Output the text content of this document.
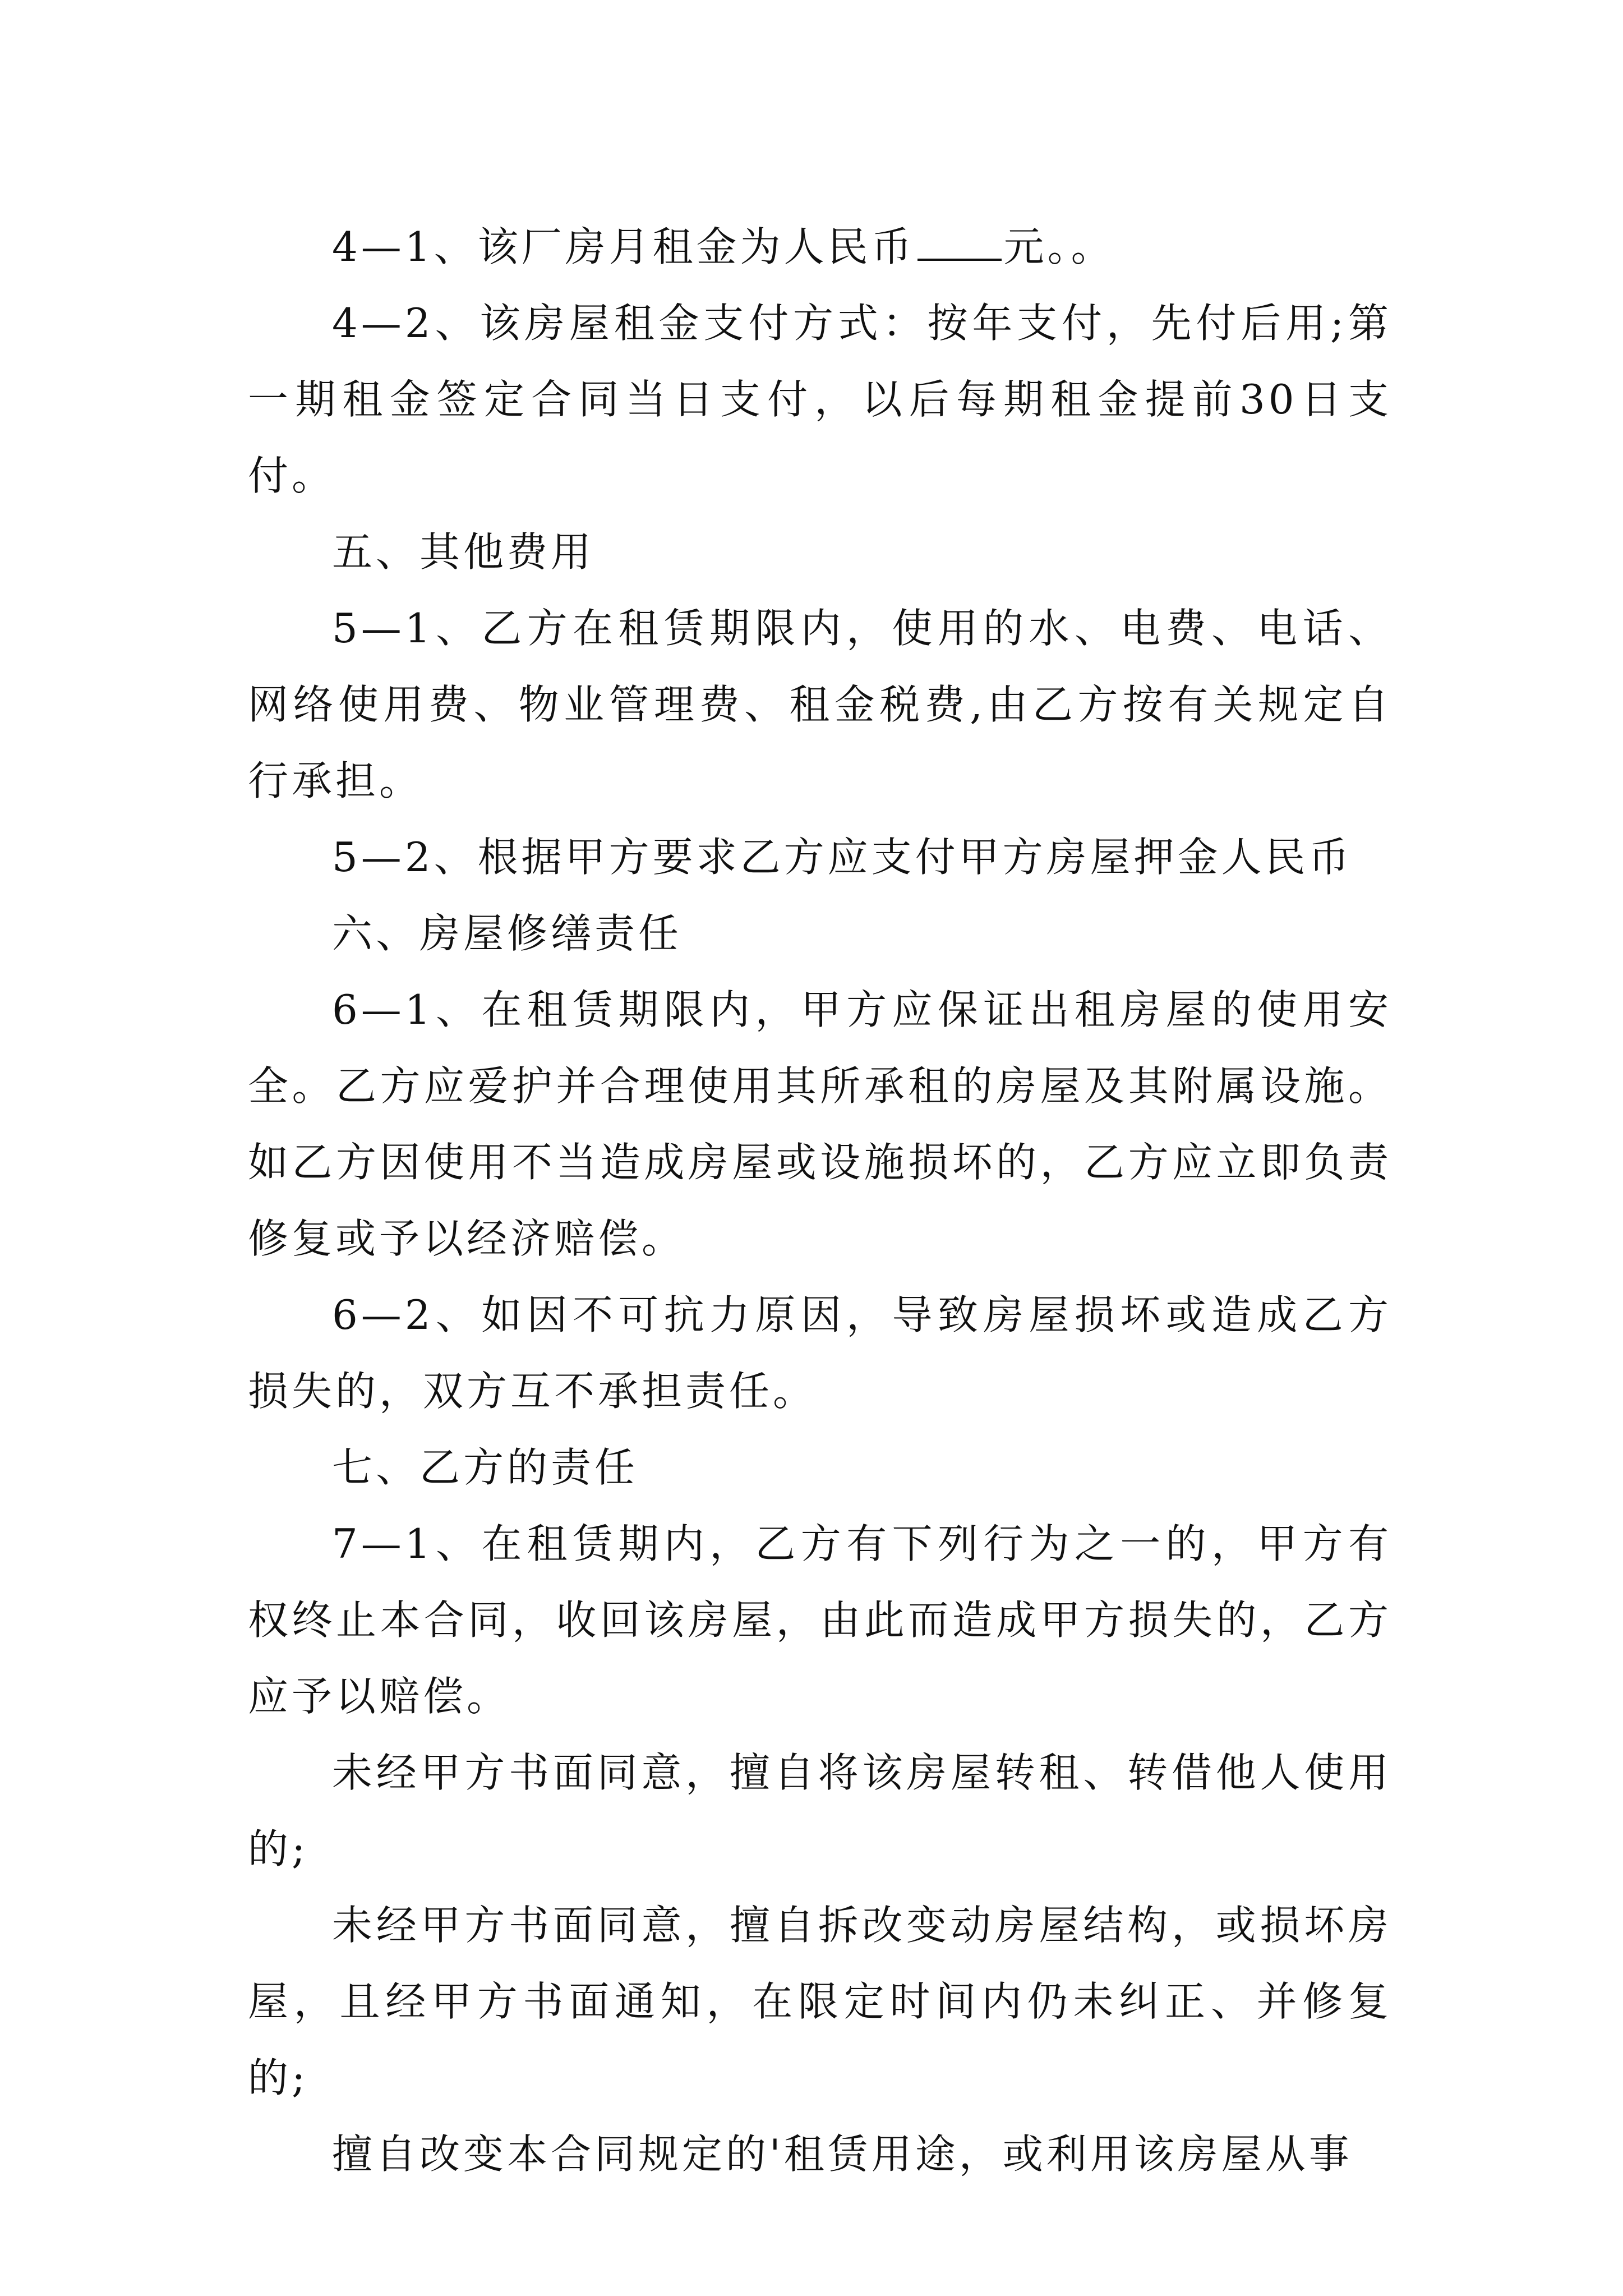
4—1、该厂房月租金为人民币 元。。

4—2、该房屋租金支付方式：按年支付，先付后用;第一期租金签定合同当日支付，以后每期租金提前30日支付。

五、其他费用

5—1、乙方在租赁期限内，使用的水、电费、电话、网络使用费、物业管理费、租金税费,由乙方按有关规定自行承担。

5—2、根据甲方要求乙方应支付甲方房屋押金人民币

六、房屋修缮责任

6—1、在租赁期限内，甲方应保证出租房屋的使用安全。乙方应爱护并合理使用其所承租的房屋及其附属设施。如乙方因使用不当造成房屋或设施损坏的，乙方应立即负责修复或予以经济赔偿。

6—2、如因不可抗力原因，导致房屋损坏或造成乙方损失的，双方互不承担责任。

七、乙方的责任

7—1、在租赁期内，乙方有下列行为之一的，甲方有权终止本合同，收回该房屋，由此而造成甲方损失的，乙方应予以赔偿。

未经甲方书面同意，擅自将该房屋转租、转借他人使用的;

未经甲方书面同意，擅自拆改变动房屋结构，或损坏房屋，且经甲方书面通知，在限定时间内仍未纠正、并修复的;

擅自改变本合同规定的'租赁用途，或利用该房屋从事
